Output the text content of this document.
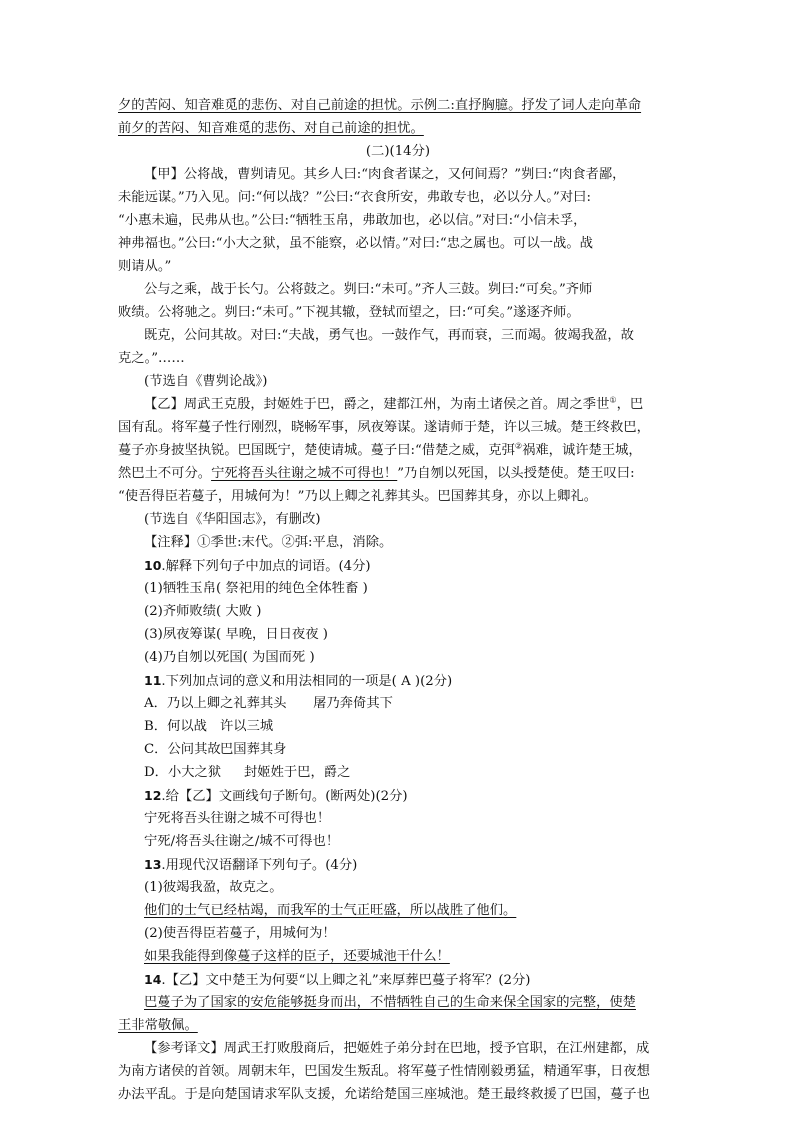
夕的苦闷、知音难觅的悲伤、对自己前途的担忧。示例二:直抒胸臆。抒发了词人走向革命
前夕的苦闷、知音难觅的悲伤、对自己前途的担忧。
(二)(14分)
【甲】公将战，曹刿请见。其乡人曰:“肉食者谋之，又何间焉？”刿曰:“肉食者鄙，
未能远谋。”乃入见。问:“何以战？”公曰:“衣食所安，弗敢专也，必以分人。”对曰:
“小惠未遍，民弗从也。”公曰:“牺牲玉帛，弗敢加也，必以信。”对曰:“小信未孚，
神弗福也。”公曰:“小大之狱，虽不能察，必以情。”对曰:“忠之属也。可以一战。战
则请从。”
公与之乘，战于长勺。公将鼓之。刿曰:“未可。”齐人三鼓。刿曰:“可矣。”齐师
败绩。公将驰之。刿曰:“未可。”下视其辙，登轼而望之，曰:“可矣。”遂逐齐师。
既克，公问其故。对曰:“夫战，勇气也。一鼓作气，再而衰，三而竭。彼竭我盈，故
克之。”……
(节选自《曹刿论战》)
【乙】周武王克殷，封姬姓于巴，爵之，建都江州，为南土诸侯之首。周之季世①，巴
国有乱。将军蔓子性行刚烈，晓畅军事，夙夜筹谋。遂请师于楚，许以三城。楚王终救巴，
蔓子亦身披坚执锐。巴国既宁，楚使请城。蔓子曰:“借楚之威，克弭②祸难，诚许楚王城，
然巴土不可分。宁死将吾头往谢之城不可得也！”乃自刎以死国，以头授楚使。楚王叹曰:
“使吾得臣若蔓子，用城何为！”乃以上卿之礼葬其头。巴国葬其身，亦以上卿礼。
(节选自《华阳国志》，有删改)
【注释】①季世:末代。②弭:平息，消除。
10.解释下列句子中加点的词语。(4分)
(1)牺牲玉帛( 祭祀用的纯色全体牲畜 )
(2)齐师败绩( 大败 )
(3)夙夜筹谋( 早晚，日日夜夜 )
(4)乃自刎以死国( 为国而死 )
11.下列加点词的意义和用法相同的一项是( A )(2分)
A．乃以上卿之礼葬其头　　 屠乃奔倚其下
B．何以战 许以三城
C．公问其故巴国葬其身
D．小大之狱 封姬姓于巴，爵之
12.给【乙】文画线句子断句。(断两处)(2分)
宁死将吾头往谢之城不可得也！
宁死/将吾头往谢之/城不可得也！
13.用现代汉语翻译下列句子。(4分)
(1)彼竭我盈，故克之。
他们的士气已经枯竭，而我军的士气正旺盛，所以战胜了他们。
(2)使吾得臣若蔓子，用城何为！
如果我能得到像蔓子这样的臣子，还要城池干什么！
14.【乙】文中楚王为何要“以上卿之礼”来厚葬巴蔓子将军？(2分)
巴蔓子为了国家的安危能够挺身而出，不惜牺牲自己的生命来保全国家的完整，使楚
王非常敬佩。
【参考译文】周武王打败殷商后，把姬姓子弟分封在巴地，授予官职，在江州建都，成
为南方诸侯的首领。周朝末年，巴国发生叛乱。将军蔓子性情刚毅勇猛，精通军事，日夜想
办法平乱。于是向楚国请求军队支援，允诺给楚国三座城池。楚王最终救援了巴国，蔓子也
